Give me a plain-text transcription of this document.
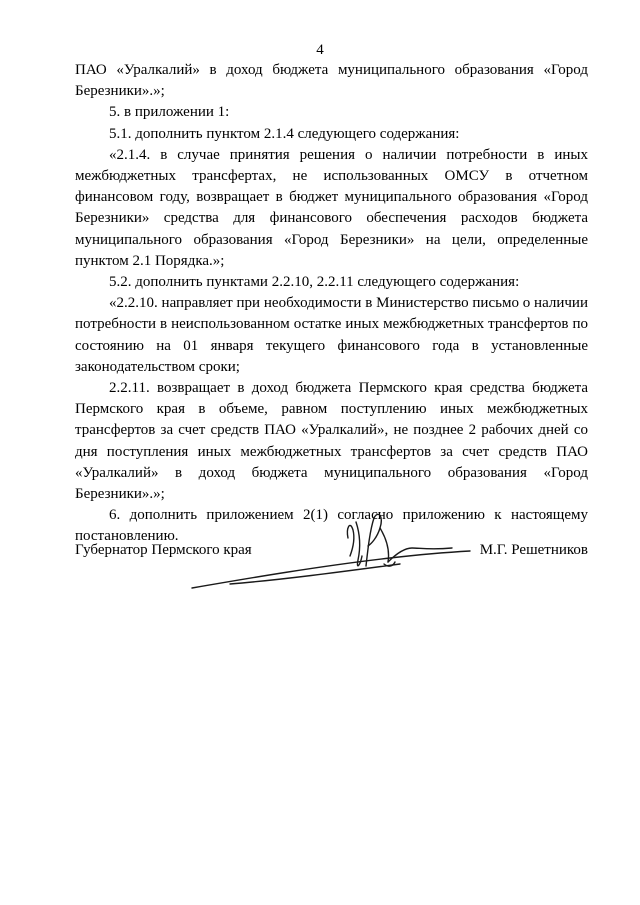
4

ПАО «Уралкалий» в доход бюджета муниципального образования «Город Березники».»;

5. в приложении 1:

5.1. дополнить пунктом 2.1.4 следующего содержания:

«2.1.4. в случае принятия решения о наличии потребности в иных межбюджетных трансфертах, не использованных ОМСУ в отчетном финансовом году, возвращает в бюджет муниципального образования «Город Березники» средства для финансового обеспечения расходов бюджета муниципального образования «Город Березники» на цели, определенные пунктом 2.1 Порядка.»;

5.2. дополнить пунктами 2.2.10, 2.2.11 следующего содержания:

«2.2.10. направляет при необходимости в Министерство письмо о наличии потребности в неиспользованном остатке иных межбюджетных трансфертов по состоянию на 01 января текущего финансового года в установленные законодательством сроки;

2.2.11. возвращает в доход бюджета Пермского края средства бюджета Пермского края в объеме, равном поступлению иных межбюджетных трансфертов за счет средств ПАО «Уралкалий», не позднее 2 рабочих дней со дня поступления иных межбюджетных трансфертов за счет средств ПАО «Уралкалий» в доход бюджета муниципального образования «Город Березники».»;

6. дополнить приложением 2(1) согласно приложению к настоящему постановлению.

Губернатор Пермского края	М.Г. Решетников
